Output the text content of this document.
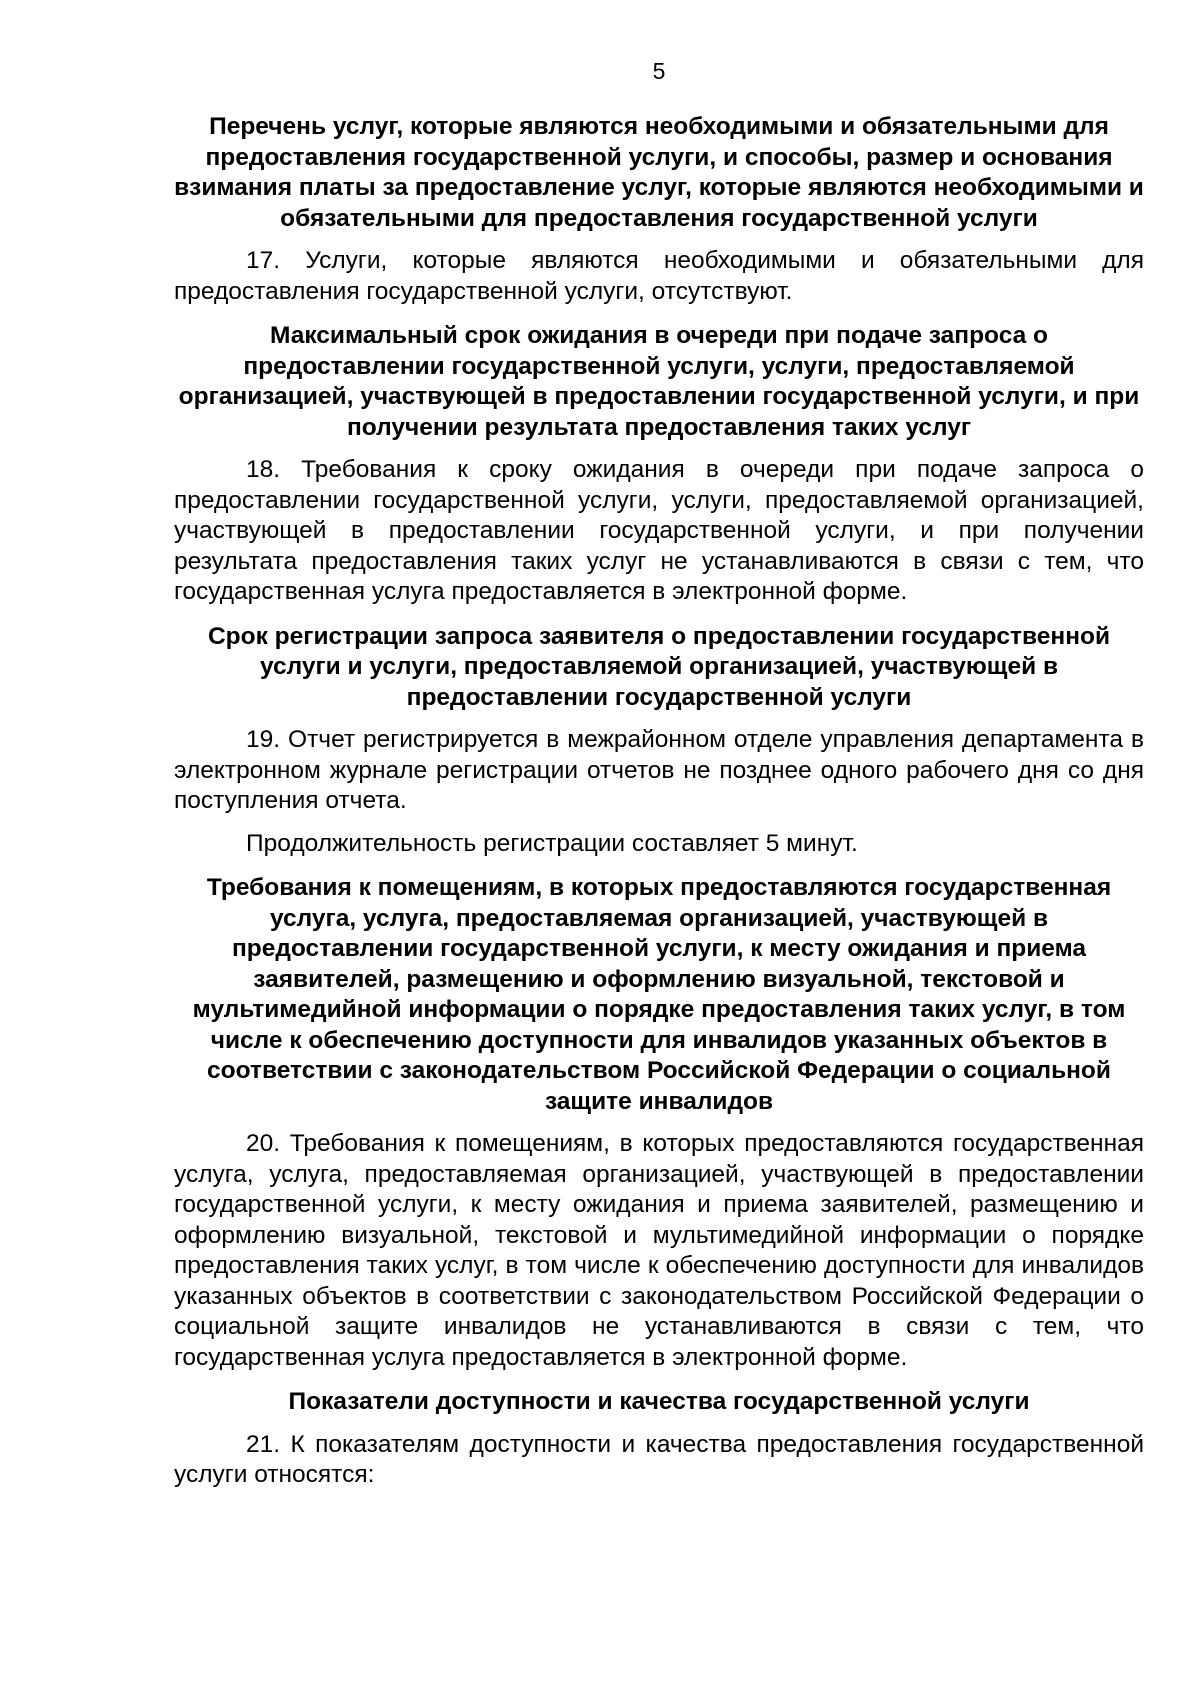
5
Перечень услуг, которые являются необходимыми и обязательными для предоставления государственной услуги, и способы, размер и основания взимания платы за предоставление услуг, которые являются необходимыми и обязательными для предоставления государственной услуги

17. Услуги, которые являются необходимыми и обязательными для предоставления государственной услуги, отсутствуют.

Максимальный срок ожидания в очереди при подаче запроса о предоставлении государственной услуги, услуги, предоставляемой организацией, участвующей в предоставлении государственной услуги, и при получении результата предоставления таких услуг

18. Требования к сроку ожидания в очереди при подаче запроса о предоставлении государственной услуги, услуги, предоставляемой организацией, участвующей в предоставлении государственной услуги, и при получении результата предоставления таких услуг не устанавливаются в связи с тем, что государственная услуга предоставляется в электронной форме.

Срок регистрации запроса заявителя о предоставлении государственной услуги и услуги, предоставляемой организацией, участвующей в предоставлении государственной услуги

19. Отчет регистрируется в межрайонном отделе управления департамента в электронном журнале регистрации отчетов не позднее одного рабочего дня со дня поступления отчета.

Продолжительность регистрации составляет 5 минут.

Требования к помещениям, в которых предоставляются государственная услуга, услуга, предоставляемая организацией, участвующей в предоставлении государственной услуги, к месту ожидания и приема заявителей, размещению и оформлению визуальной, текстовой и мультимедийной информации о порядке предоставления таких услуг, в том числе к обеспечению доступности для инвалидов указанных объектов в соответствии с законодательством Российской Федерации о социальной защите инвалидов

20. Требования к помещениям, в которых предоставляются государственная услуга, услуга, предоставляемая организацией, участвующей в предоставлении государственной услуги, к месту ожидания и приема заявителей, размещению и оформлению визуальной, текстовой и мультимедийной информации о порядке предоставления таких услуг, в том числе к обеспечению доступности для инвалидов указанных объектов в соответствии с законодательством Российской Федерации о социальной защите инвалидов не устанавливаются в связи с тем, что государственная услуга предоставляется в электронной форме.

Показатели доступности и качества государственной услуги

21. К показателям доступности и качества предоставления государственной услуги относятся:
